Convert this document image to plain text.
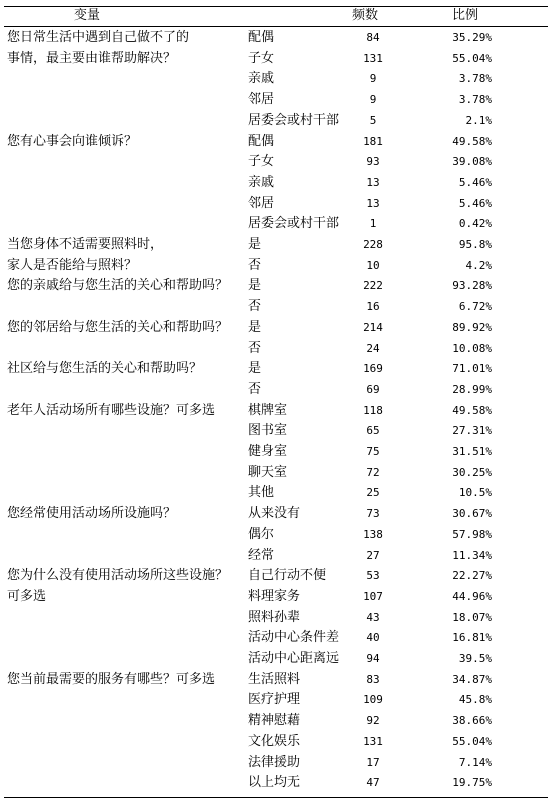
变量	频数	比例
您日常生活中遇到自己做不了的
事情，最主要由谁帮助解决？
配偶	84	35.29%
子女	131	55.04%
亲戚	9	3.78%
邻居	9	3.78%
居委会或村干部	5	2.1%
您有心事会向谁倾诉？	配偶	181	49.58%
子女	93	39.08%
亲戚	13	5.46%
邻居	13	5.46%
居委会或村干部	1	0.42%
当您身体不适需要照料时，
家人是否能给与照料？
是	228	95.8%
否	10	4.2%
您的亲戚给与您生活的关心和帮助吗？ 是	222	93.28%
否	16	6.72%
您的邻居给与您生活的关心和帮助吗？ 是	214	89.92%
否	24	10.08%
社区给与您生活的关心和帮助吗？	是	169	71.01%
否	69	28.99%
老年人活动场所有哪些设施？可多选	棋牌室	118	49.58%
图书室	65	27.31%
健身室	75	31.51%
聊天室	72	30.25%
其他	25	10.5%
您经常使用活动场所设施吗？	从来没有	73	30.67%
偶尔	138	57.98%
经常	27	11.34%
您为什么没有使用活动场所这些设施？
可多选
自己行动不便	53	22.27%
料理家务	107	44.96%
照料孙辈	43	18.07%
活动中心条件差	40	16.81%
活动中心距离远	94	39.5%
您当前最需要的服务有哪些？可多选	生活照料	83	34.87%
医疗护理	109	45.8%
精神慰藉	92	38.66%
文化娱乐	131	55.04%
法律援助	17	7.14%
以上均无	47	19.75%
